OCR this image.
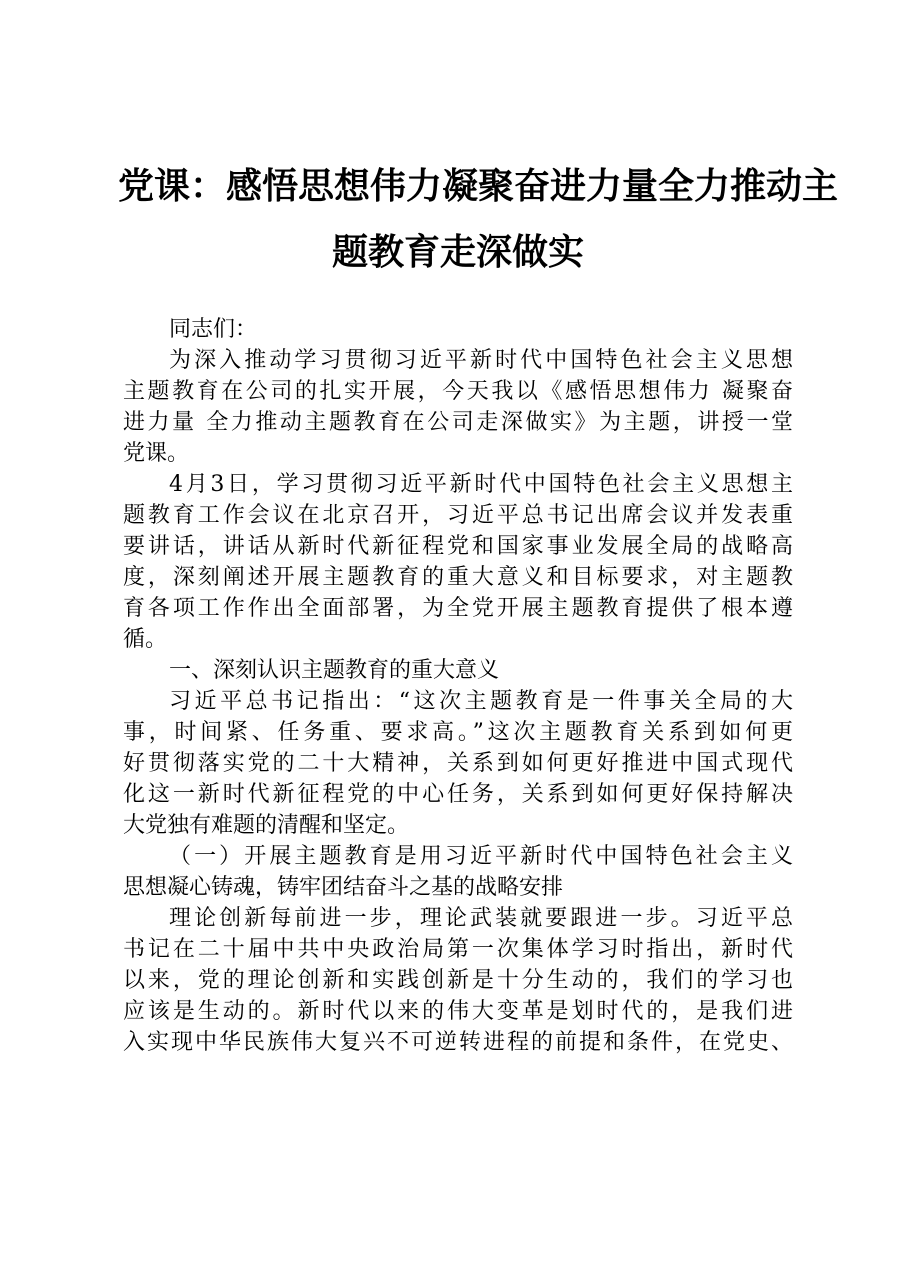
党课：感悟思想伟力凝聚奋进力量全力推动主
题教育走深做实
同志们：
为深入推动学习贯彻习近平新时代中国特色社会主义思想
主题教育在公司的扎实开展，今天我以《感悟思想伟力 凝聚奋
进力量 全力推动主题教育在公司走深做实》为主题，讲授一堂
党课。
4月3日，学习贯彻习近平新时代中国特色社会主义思想主
题教育工作会议在北京召开，习近平总书记出席会议并发表重
要讲话，讲话从新时代新征程党和国家事业发展全局的战略高
度，深刻阐述开展主题教育的重大意义和目标要求，对主题教
育各项工作作出全面部署，为全党开展主题教育提供了根本遵
循。
一、深刻认识主题教育的重大意义
习近平总书记指出：“这次主题教育是一件事关全局的大
事，时间紧、任务重、要求高。”这次主题教育关系到如何更
好贯彻落实党的二十大精神，关系到如何更好推进中国式现代
化这一新时代新征程党的中心任务，关系到如何更好保持解决
大党独有难题的清醒和坚定。
（一）开展主题教育是用习近平新时代中国特色社会主义
思想凝心铸魂，铸牢团结奋斗之基的战略安排
理论创新每前进一步，理论武装就要跟进一步。习近平总
书记在二十届中共中央政治局第一次集体学习时指出，新时代
以来，党的理论创新和实践创新是十分生动的，我们的学习也
应该是生动的。新时代以来的伟大变革是划时代的，是我们进
入实现中华民族伟大复兴不可逆转进程的前提和条件，在党史、
